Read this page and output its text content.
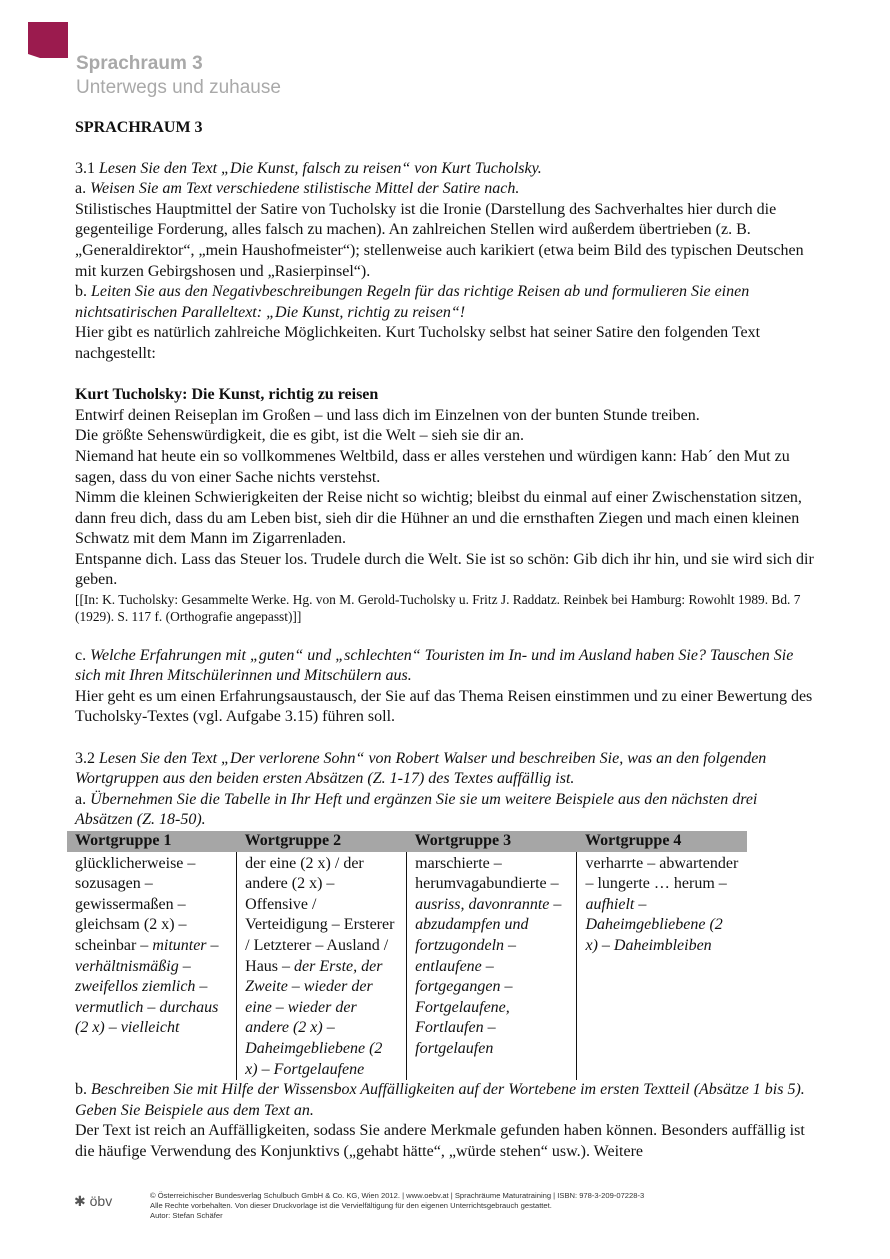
Sprachraum 3
Unterwegs und zuhause

SPRACHRAUM 3

3.1 Lesen Sie den Text „Die Kunst, falsch zu reisen“ von Kurt Tucholsky.

a. Weisen Sie am Text verschiedene stilistische Mittel der Satire nach.

Stilistisches Hauptmittel der Satire von Tucholsky ist die Ironie (Darstellung des Sachverhaltes hier durch die gegenteilige Forderung, alles falsch zu machen). An zahlreichen Stellen wird außerdem übertrieben (z. B. „Generaldirektor“, „mein Haushofmeister“); stellenweise auch karikiert (etwa beim Bild des typischen Deutschen mit kurzen Gebirgshosen und „Rasierpinsel“).

b. Leiten Sie aus den Negativbeschreibungen Regeln für das richtige Reisen ab und formulieren Sie einen nichtsatirischen Paralleltext: „Die Kunst, richtig zu reisen“!

Hier gibt es natürlich zahlreiche Möglichkeiten. Kurt Tucholsky selbst hat seiner Satire den folgenden Text nachgestellt:

Kurt Tucholsky: Die Kunst, richtig zu reisen

Entwirf deinen Reiseplan im Großen – und lass dich im Einzelnen von der bunten Stunde treiben.

Die größte Sehenswürdigkeit, die es gibt, ist die Welt – sieh sie dir an.

Niemand hat heute ein so vollkommenes Weltbild, dass er alles verstehen und würdigen kann: Hab´ den Mut zu sagen, dass du von einer Sache nichts verstehst.

Nimm die kleinen Schwierigkeiten der Reise nicht so wichtig; bleibst du einmal auf einer Zwischenstation sitzen, dann freu dich, dass du am Leben bist, sieh dir die Hühner an und die ernsthaften Ziegen und mach einen kleinen Schwatz mit dem Mann im Zigarrenladen.

Entspanne dich. Lass das Steuer los. Trudele durch die Welt. Sie ist so schön: Gib dich ihr hin, und sie wird sich dir geben.

[[In: K. Tucholsky: Gesammelte Werke. Hg. von M. Gerold-Tucholsky u. Fritz J. Raddatz. Reinbek bei Hamburg: Rowohlt 1989. Bd. 7 (1929). S. 117 f. (Orthografie angepasst)]]

c. Welche Erfahrungen mit „guten“ und „schlechten“ Touristen im In- und im Ausland haben Sie? Tauschen Sie sich mit Ihren Mitschülerinnen und Mitschülern aus.

Hier geht es um einen Erfahrungsaustausch, der Sie auf das Thema Reisen einstimmen und zu einer Bewertung des Tucholsky-Textes (vgl. Aufgabe 3.15) führen soll.

3.2 Lesen Sie den Text „Der verlorene Sohn“ von Robert Walser und beschreiben Sie, was an den folgenden Wortgruppen aus den beiden ersten Absätzen (Z. 1-17) des Textes auffällig ist.

a. Übernehmen Sie die Tabelle in Ihr Heft und ergänzen Sie sie um weitere Beispiele aus den nächsten drei Absätzen (Z. 18-50).

Wortgruppe 1	Wortgruppe 2	Wortgruppe 3	Wortgruppe 4
glücklicherweise – sozusagen – gewissermaßen – gleichsam (2 x) – scheinbar – mitunter – verhältnismäßig – zweifellos ziemlich – vermutlich – durchaus (2 x) – vielleicht	der eine (2 x) / der andere (2 x) – Offensive / Verteidigung – Ersterer / Letzterer – Ausland / Haus – der Erste, der Zweite – wieder der eine – wieder der andere (2 x) – Daheimgebliebene (2 x) – Fortgelaufene	marschierte – herumvagabundierte – ausriss, davonrannte – abzudampfen und fortzugondeln – entlaufene – fortgegangen – Fortgelaufene, Fortlaufen – fortgelaufen	verharrte – abwartender – lungerte … herum – aufhielt – Daheimgebliebene (2 x) – Daheimbleiben

b. Beschreiben Sie mit Hilfe der Wissensbox Auffälligkeiten auf der Wortebene im ersten Textteil (Absätze 1 bis 5). Geben Sie Beispiele aus dem Text an.

Der Text ist reich an Auffälligkeiten, sodass Sie andere Merkmale gefunden haben können. Besonders auffällig ist die häufige Verwendung des Konjunktivs („gehabt hätte“, „würde stehen“ usw.). Weitere

✱ öbv	© Österreichischer Bundesverlag Schulbuch GmbH & Co. KG, Wien 2012. | www.oebv.at | Sprachräume Maturatraining | ISBN: 978-3-209-07228-3

Alle Rechte vorbehalten. Von dieser Druckvorlage ist die Vervielfältigung für den eigenen Unterrichtsgebrauch gestattet.

Autor: Stefan Schäfer
